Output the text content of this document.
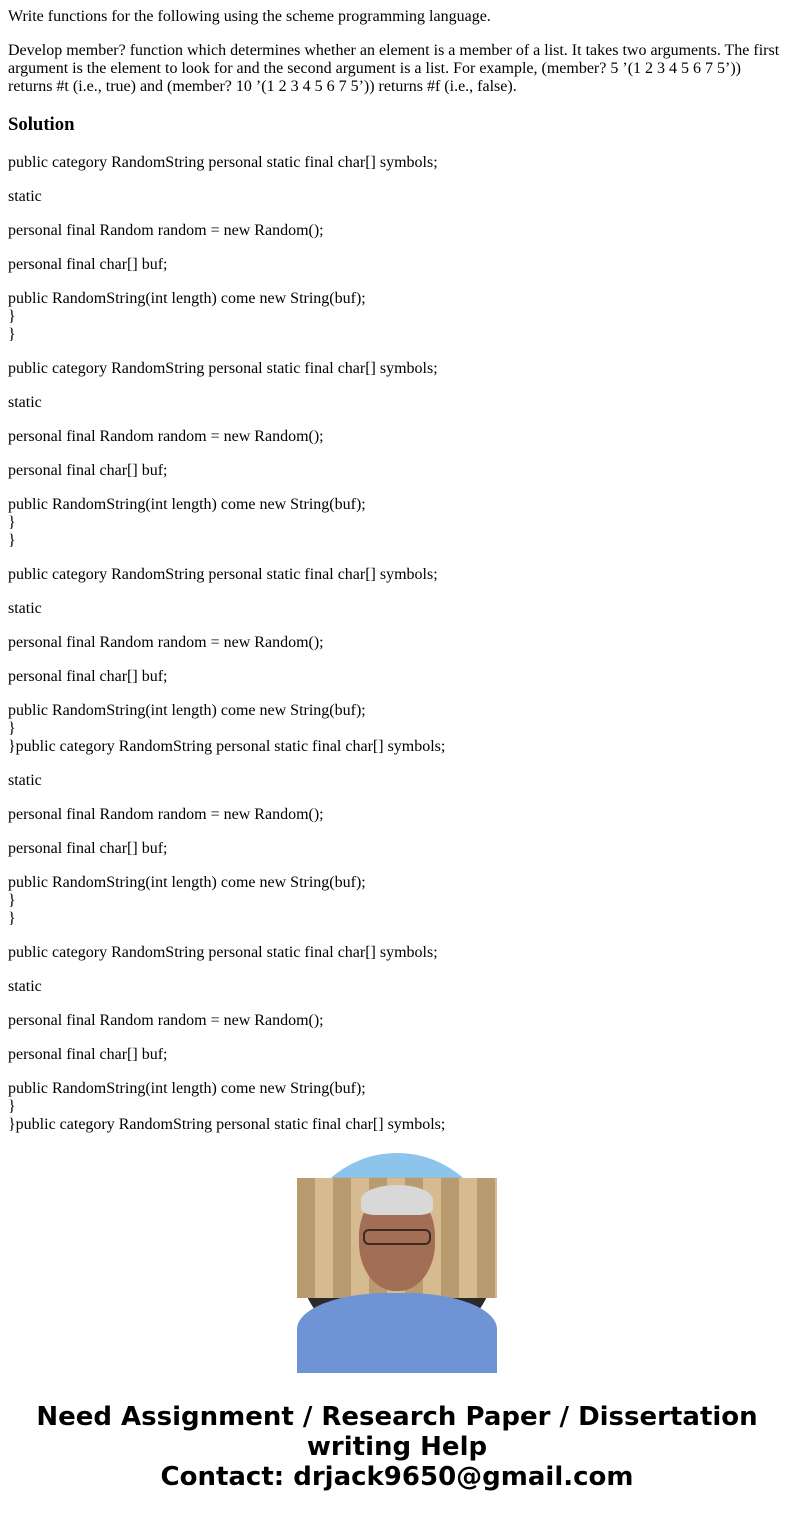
Write functions for the following using the scheme programming language.

Develop member? function which determines whether an element is a member of a list. It takes two arguments. The first argument is the element to look for and the second argument is a list. For example, (member? 5 ’(1 2 3 4 5 6 7 5’)) returns #t (i.e., true) and (member? 10 ’(1 2 3 4 5 6 7 5’)) returns #f (i.e., false).

Solution

public category RandomString personal static final char[] symbols;

static

personal final Random random = new Random();

personal final char[] buf;

public RandomString(int length) come new String(buf);
}
}

public category RandomString personal static final char[] symbols;

static

personal final Random random = new Random();

personal final char[] buf;

public RandomString(int length) come new String(buf);
}
}

public category RandomString personal static final char[] symbols;

static

personal final Random random = new Random();

personal final char[] buf;

public RandomString(int length) come new String(buf);
}
}public category RandomString personal static final char[] symbols;

static

personal final Random random = new Random();

personal final char[] buf;

public RandomString(int length) come new String(buf);
}
}

public category RandomString personal static final char[] symbols;

static

personal final Random random = new Random();

personal final char[] buf;

public RandomString(int length) come new String(buf);
}
}public category RandomString personal static final char[] symbols;

Need Assignment / Research Paper / Dissertation writing Help
Contact: drjack9650@gmail.com
